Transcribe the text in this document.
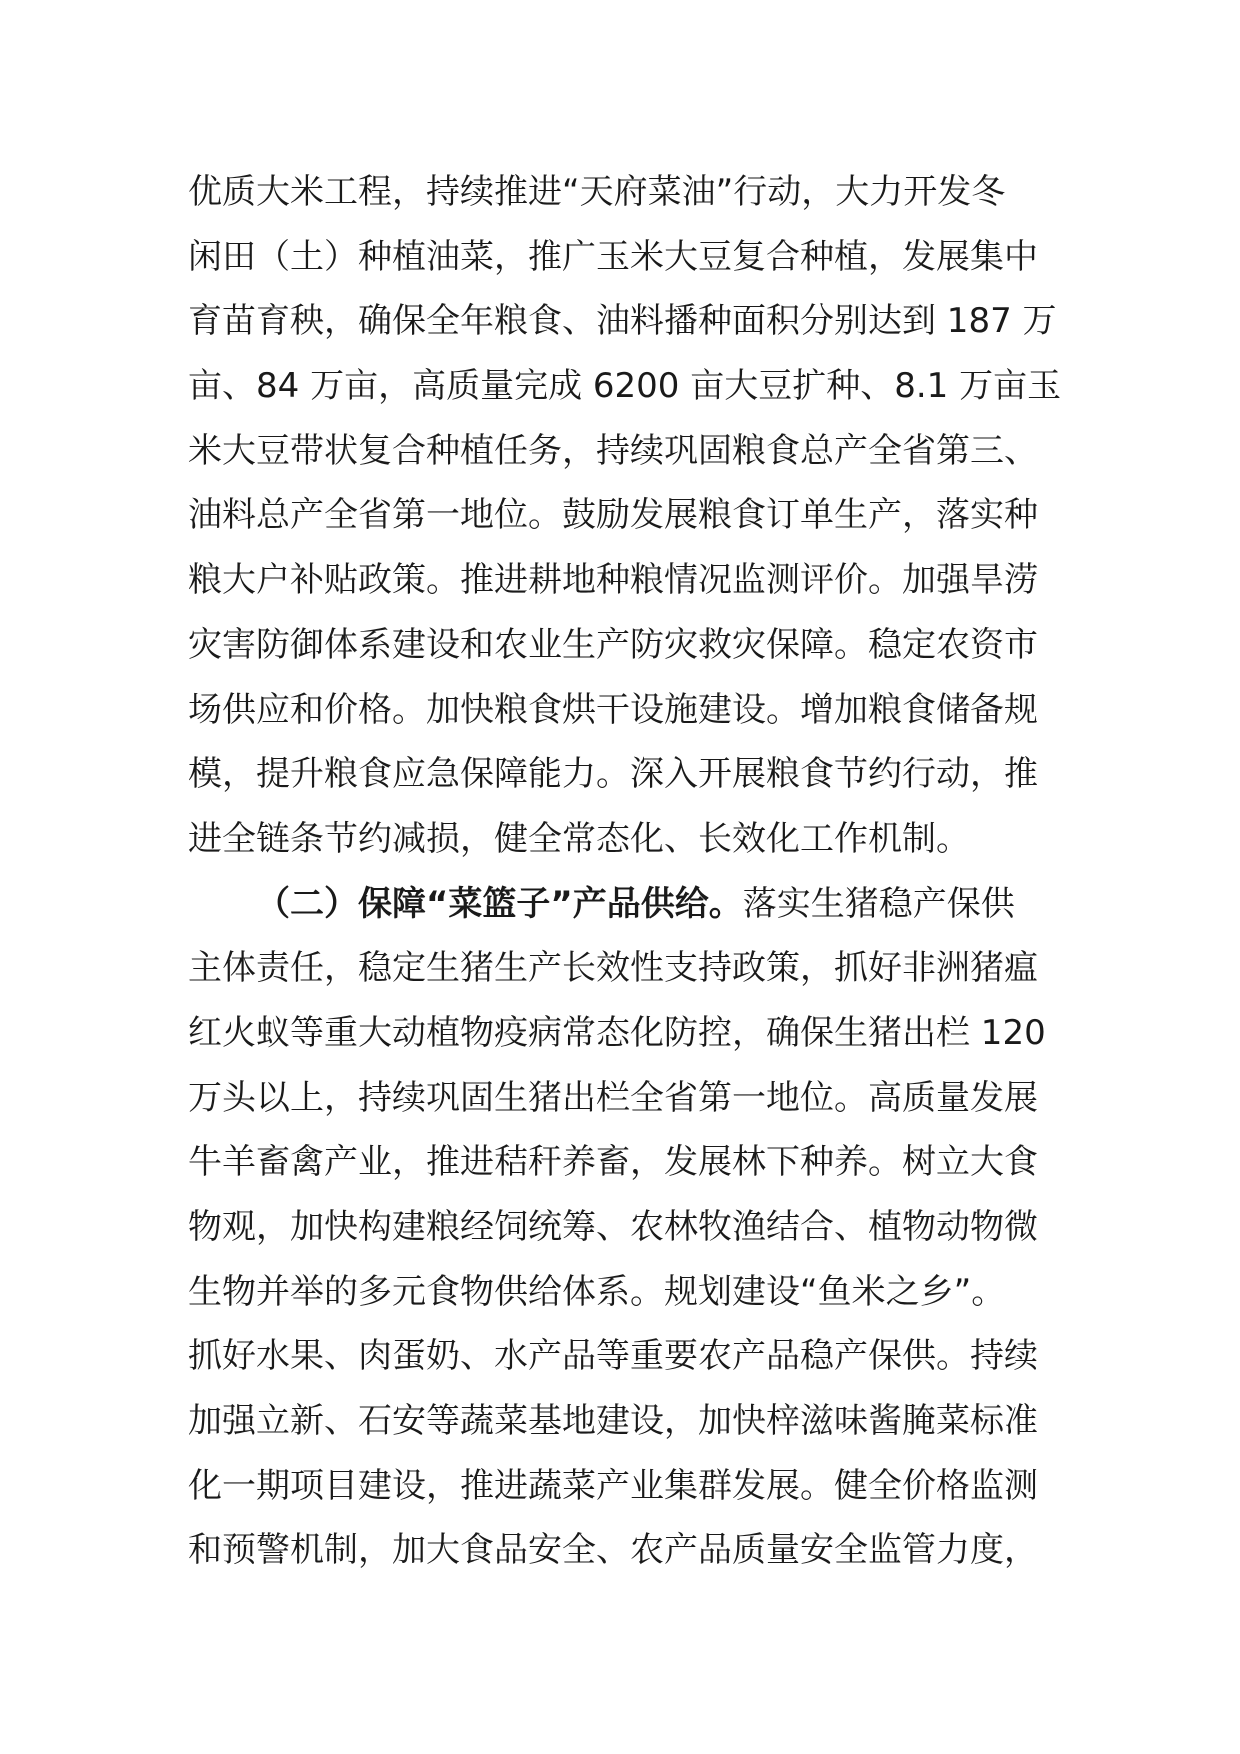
优质大米工程，持续推进“天府菜油”行动，大力开发冬
闲田（土）种植油菜，推广玉米大豆复合种植，发展集中
育苗育秧，确保全年粮食、油料播种面积分别达到 187 万
亩、84 万亩，高质量完成 6200 亩大豆扩种、8.1 万亩玉
米大豆带状复合种植任务，持续巩固粮食总产全省第三、
油料总产全省第一地位。鼓励发展粮食订单生产，落实种
粮大户补贴政策。推进耕地种粮情况监测评价。加强旱涝
灾害防御体系建设和农业生产防灾救灾保障。稳定农资市
场供应和价格。加快粮食烘干设施建设。增加粮食储备规
模，提升粮食应急保障能力。深入开展粮食节约行动，推
进全链条节约减损，健全常态化、长效化工作机制。
（二）保障“菜篮子”产品供给。落实生猪稳产保供
主体责任，稳定生猪生产长效性支持政策，抓好非洲猪瘟
红火蚁等重大动植物疫病常态化防控，确保生猪出栏 120
万头以上，持续巩固生猪出栏全省第一地位。高质量发展
牛羊畜禽产业，推进秸秆养畜，发展林下种养。树立大食
物观，加快构建粮经饲统筹、农林牧渔结合、植物动物微
生物并举的多元食物供给体系。规划建设“鱼米之乡”。
抓好水果、肉蛋奶、水产品等重要农产品稳产保供。持续
加强立新、石安等蔬菜基地建设，加快梓滋味酱腌菜标准
化一期项目建设，推进蔬菜产业集群发展。健全价格监测
和预警机制，加大食品安全、农产品质量安全监管力度，
